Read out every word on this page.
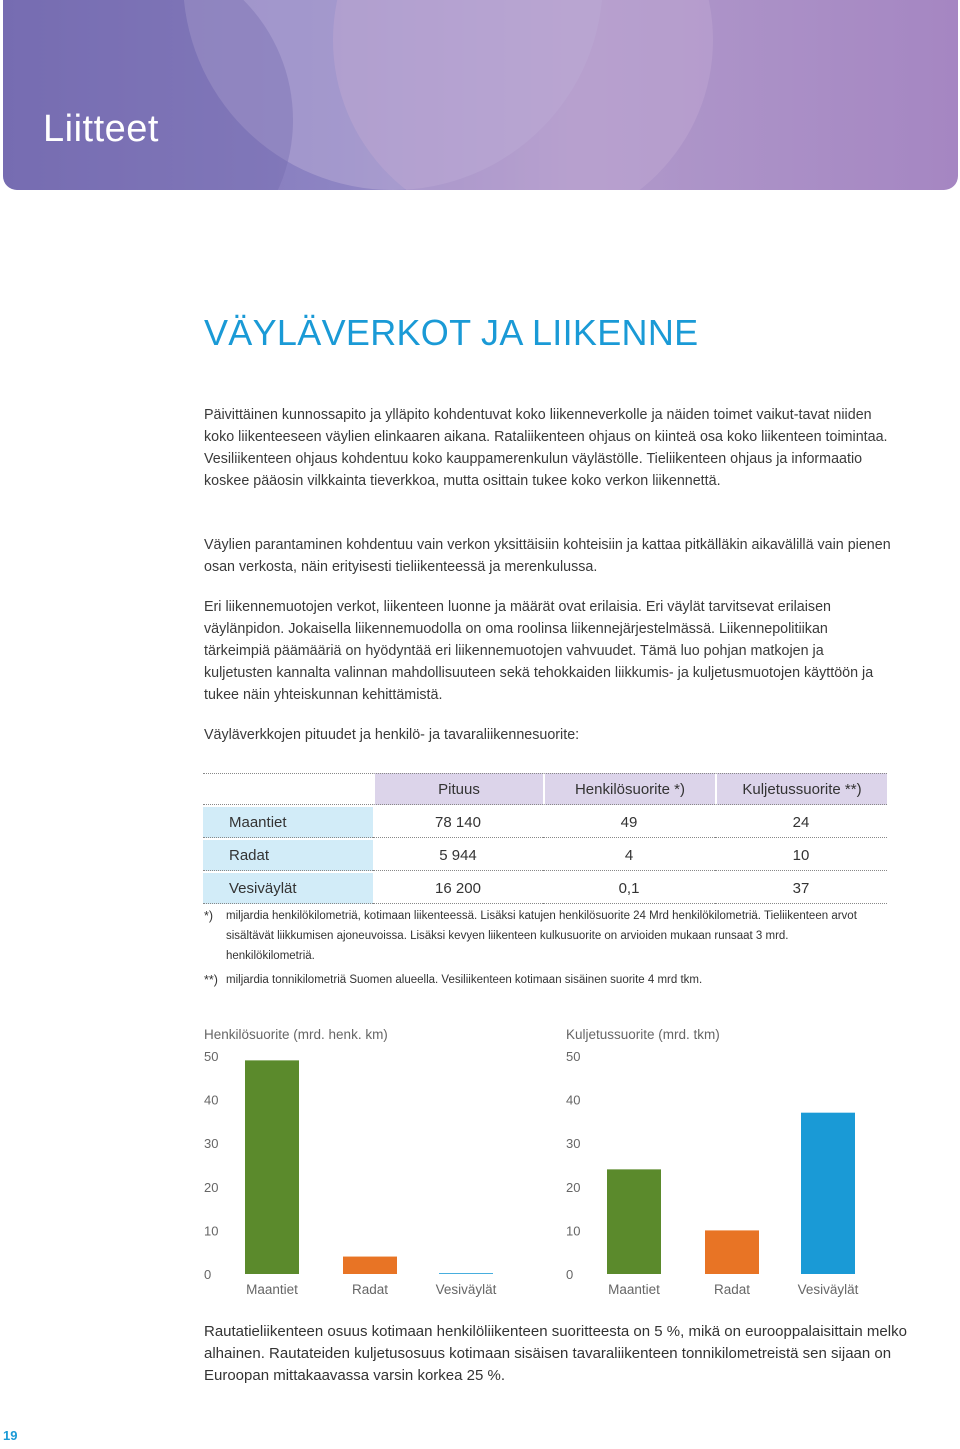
Liitteet
VÄYLÄVERKOT JA LIIKENNE

Päivittäinen kunnossapito ja ylläpito kohdentuvat koko liikenneverkolle ja näiden toimet vaikut-tavat niiden koko liikenteeseen väylien elinkaaren aikana. Rataliikenteen ohjaus on kiinteä osa koko liikenteen toimintaa. Vesiliikenteen ohjaus kohdentuu koko kauppamerenkulun väylästölle. Tieliikenteen ohjaus ja informaatio koskee pääosin vilkkainta tieverkkoa, mutta osittain tukee koko verkon liikennettä.

Väylien parantaminen kohdentuu vain verkon yksittäisiin kohteisiin ja kattaa pitkälläkin aikavälillä vain pienen osan verkosta, näin erityisesti tieliikenteessä ja merenkulussa.

Eri liikennemuotojen verkot, liikenteen luonne ja määrät ovat erilaisia. Eri väylät tarvitsevat erilaisen väylänpidon. Jokaisella liikennemuodolla on oma roolinsa liikennejärjestelmässä. Liikennepolitiikan tärkeimpiä päämääriä on hyödyntää eri liikennemuotojen vahvuudet. Tämä luo pohjan matkojen ja kuljetusten kannalta valinnan mahdollisuuteen sekä tehokkaiden liikkumis- ja kuljetusmuotojen käyttöön ja tukee näin yhteiskunnan kehittämistä.

Väyläverkkojen pituudet ja henkilö- ja tavaraliikennesuorite:

	Pituus	Henkilösuorite *)	Kuljetussuorite **)
Maantiet	78 140	49	24
Radat	5 944	4	10
Vesiväylät	16 200	0,1	37
*) miljardia henkilökilometriä, kotimaan liikenteessä. Lisäksi katujen henkilösuorite 24 Mrd henkilökilometriä. Tieliikenteen arvot sisältävät liikkumisen ajoneuvoissa. Lisäksi kevyen liikenteen kulkusuorite on arvioiden mukaan runsaat 3 mrd. henkilökilometriä.
**) miljardia tonnikilometriä Suomen alueella. Vesiliikenteen kotimaan sisäinen suorite 4 mrd tkm.
Henkilösuorite (mrd. henk. km)
0
10
20
30
40
50
Maantiet	Radat	Vesiväylät
Kuljetussuorite (mrd. tkm)
0
10
20
30
40
50
Maantiet	Radat	Vesiväylät
Rautatieliikenteen osuus kotimaan henkilöliikenteen suoritteesta on 5 %, mikä on eurooppalaisittain melko alhainen. Rautateiden kuljetusosuus kotimaan sisäisen tavaraliikenteen tonnikilometreistä sen sijaan on Euroopan mittakaavassa varsin korkea 25 %.
19
